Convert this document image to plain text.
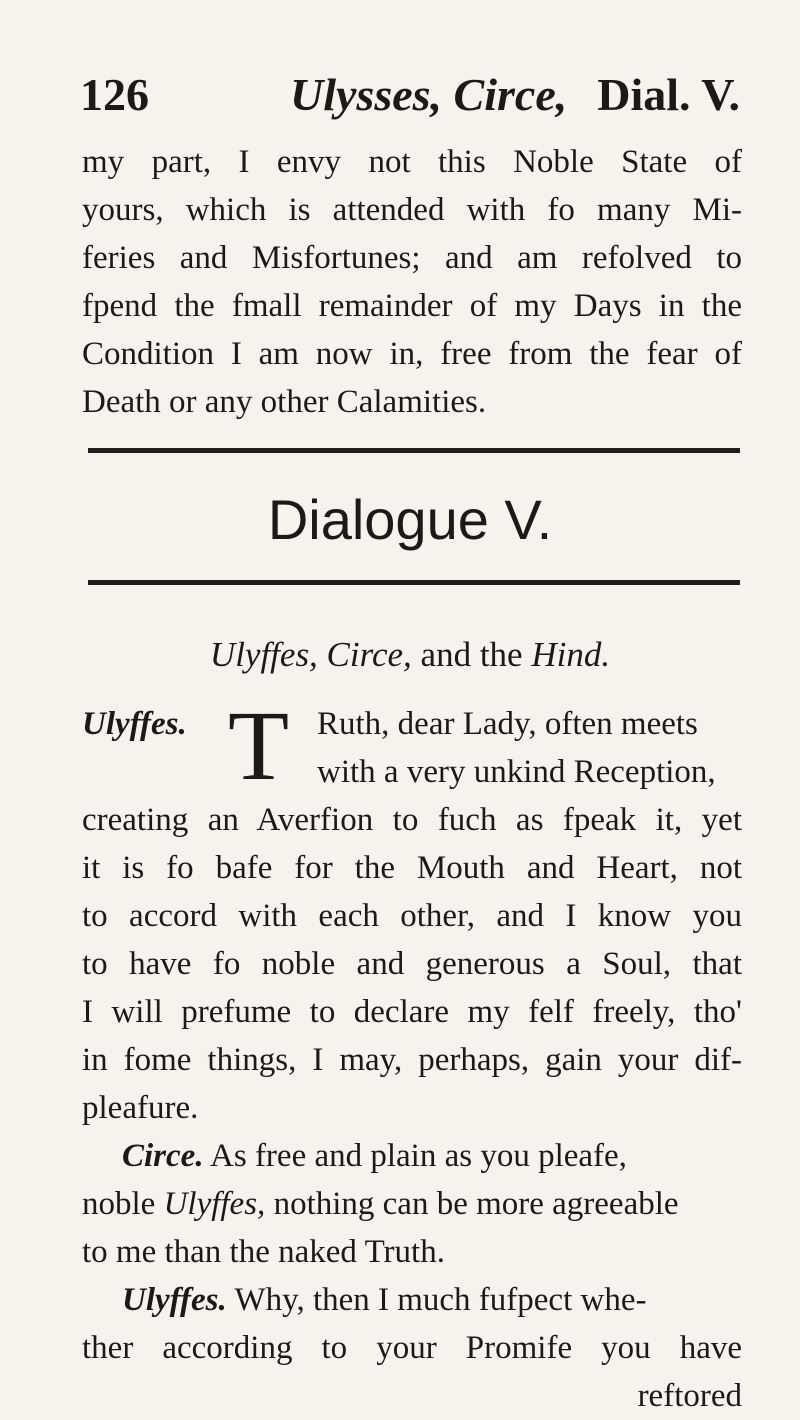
126	Ulysses, Circe, Dial. V.
my part, I envy not this Noble State of
yours, which is attended with fo many Mi-
feries and Misfortunes; and am refolved to
fpend the fmall remainder of my Days in the
Condition I am now in, free from the fear of
Death or any other Calamities.
Dialogue V.
Ulyffes, Circe, and the Hind.
T
Ulyffes.	Ruth, dear Lady, often meets
with a very unkind Reception,
creating an Averfion to fuch as fpeak it, yet
it is fo bafe for the Mouth and Heart, not
to accord with each other, and I know you
to have fo noble and generous a Soul, that
I will prefume to declare my felf freely, tho'
in fome things, I may, perhaps, gain your dif-
pleafure.
Circe. As free and plain as you pleafe,
noble Ulyffes, nothing can be more agreeable
to me than the naked Truth.
Ulyffes. Why, then I much fufpect whe-
ther according to your Promife you have
reftored
